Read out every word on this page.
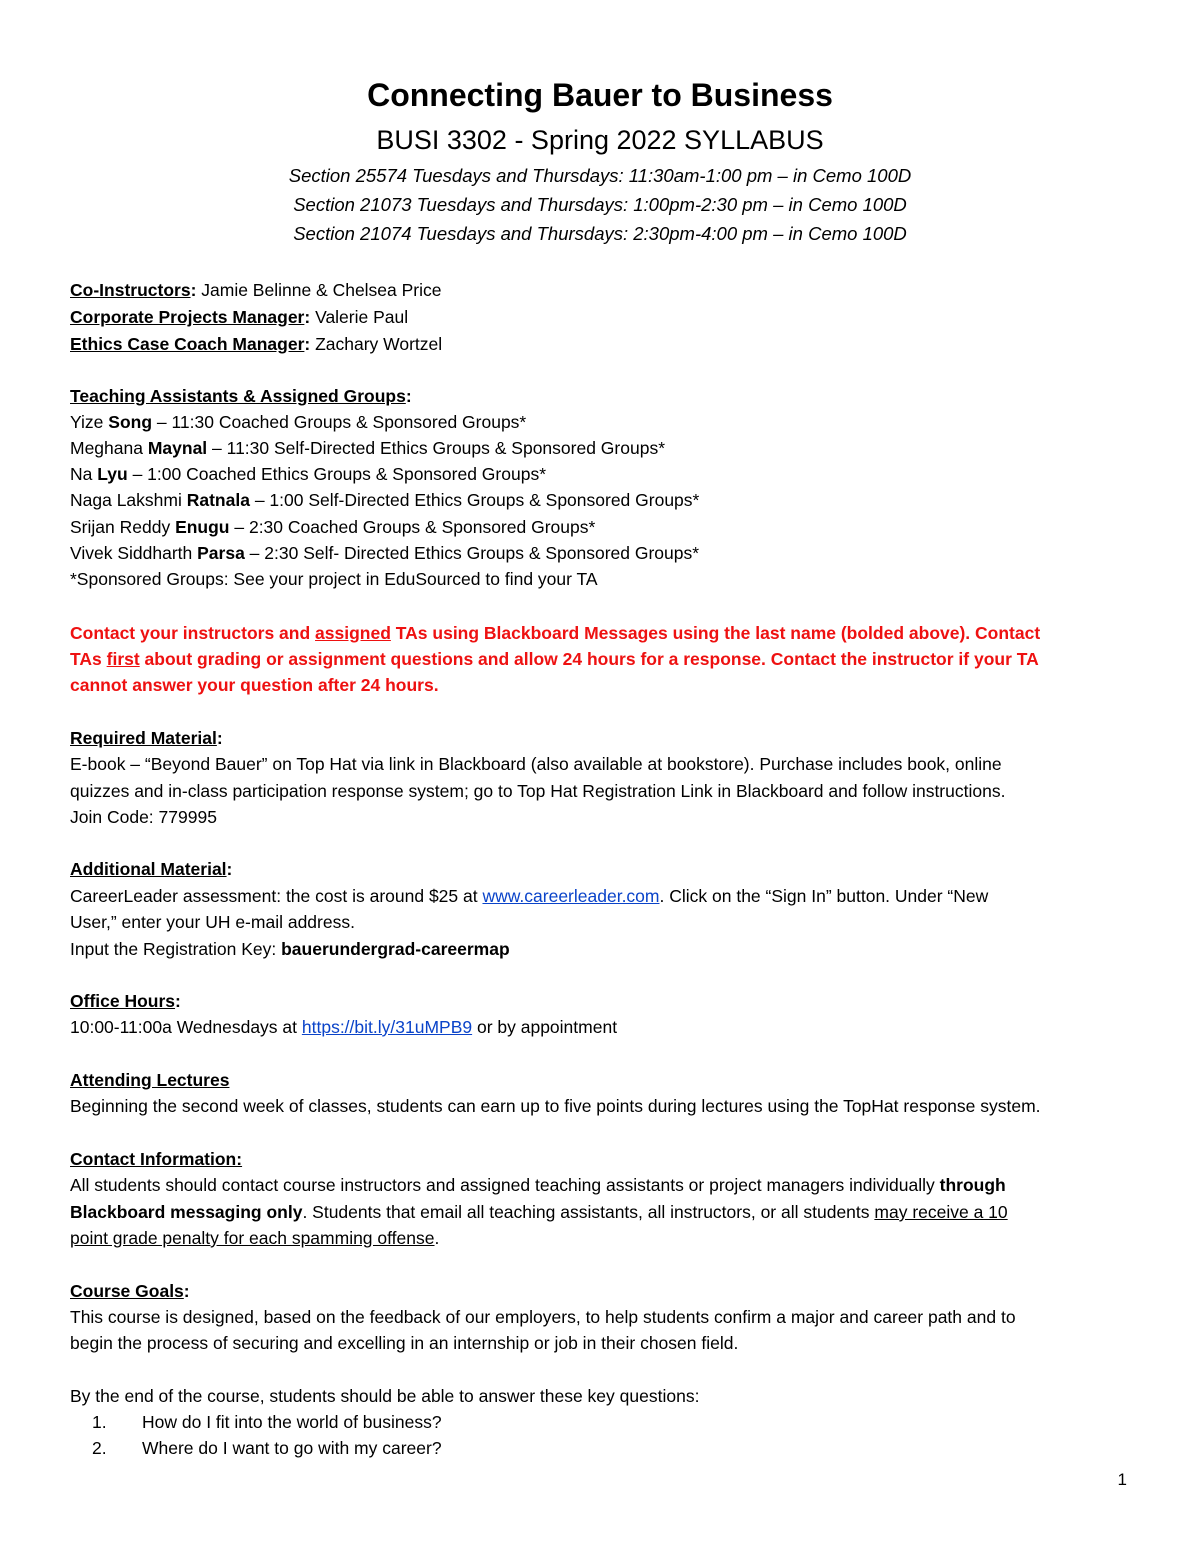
Connecting Bauer to Business
BUSI 3302 - Spring 2022 SYLLABUS
Section 25574 Tuesdays and Thursdays: 11:30am-1:00 pm – in Cemo 100D
Section 21073 Tuesdays and Thursdays: 1:00pm-2:30 pm – in Cemo 100D
Section 21074 Tuesdays and Thursdays: 2:30pm-4:00 pm – in Cemo 100D
Co-Instructors: Jamie Belinne & Chelsea Price
Corporate Projects Manager: Valerie Paul
Ethics Case Coach Manager: Zachary Wortzel
Teaching Assistants & Assigned Groups:
Yize Song – 11:30 Coached Groups & Sponsored Groups*
Meghana Maynal – 11:30 Self-Directed Ethics Groups & Sponsored Groups*
Na Lyu – 1:00 Coached Ethics Groups & Sponsored Groups*
Naga Lakshmi Ratnala – 1:00 Self-Directed Ethics Groups & Sponsored Groups*
Srijan Reddy Enugu – 2:30 Coached Groups & Sponsored Groups*
Vivek Siddharth Parsa – 2:30 Self- Directed Ethics Groups & Sponsored Groups*
*Sponsored Groups: See your project in EduSourced to find your TA
Contact your instructors and assigned TAs using Blackboard Messages using the last name (bolded above). Contact
TAs first about grading or assignment questions and allow 24 hours for a response. Contact the instructor if your TA
cannot answer your question after 24 hours.
Required Material:
E-book – “Beyond Bauer” on Top Hat via link in Blackboard (also available at bookstore). Purchase includes book, online
quizzes and in-class participation response system; go to Top Hat Registration Link in Blackboard and follow instructions.
Join Code: 779995
Additional Material:
CareerLeader assessment: the cost is around $25 at www.careerleader.com. Click on the “Sign In” button. Under “New
User,” enter your UH e-mail address.
Input the Registration Key: bauerundergrad-careermap
Office Hours:
10:00-11:00a Wednesdays at https://bit.ly/31uMPB9 or by appointment
Attending Lectures
Beginning the second week of classes, students can earn up to five points during lectures using the TopHat response system.
Contact Information:
All students should contact course instructors and assigned teaching assistants or project managers individually through
Blackboard messaging only. Students that email all teaching assistants, all instructors, or all students may receive a 10
point grade penalty for each spamming offense.
Course Goals:
This course is designed, based on the feedback of our employers, to help students confirm a major and career path and to
begin the process of securing and excelling in an internship or job in their chosen field.
By the end of the course, students should be able to answer these key questions:
1. How do I fit into the world of business?
2. Where do I want to go with my career?
1
